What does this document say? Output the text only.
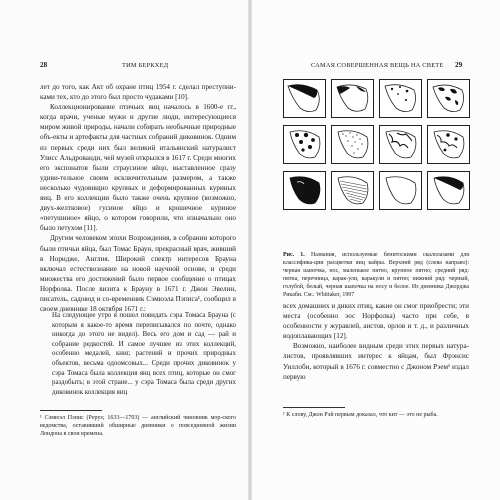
28	ТИМ БЕРКХЕД

лет до того, как Акт об охране птиц 1954 г. сделал преступни-ками тех, кто до этого был просто чудаками [10].

Коллекционирование птичьих яиц началось в 1600-е гг., когда врачи, ученые мужи и другие люди, интересующиеся миром живой природы, начали собирать необычные природные объ-екты и артефакты для частных собраний диковинок. Одним из первых среди них был великий итальянский натуралист Улисс Альдрованди, чей музей открылся в 1617 г. Среди многих его экспонатов были страусиное яйцо, выставленное сразу удиви-тельное своим исключительным размером, а также несколько чудовищно крупных и деформированных куриных яиц. В его коллекции было также очень крупное (возможно, двух-желтковое) гусиное яйцо и крошечное куриное «петушиное» яйцо, о котором говорили, что изначально оно было петухом [11].

Другим человеком эпохи Возрождения, в собрании которого были птичьи яйца, был Томас Браун, прекрасный врач, живший в Норидже, Англия. Широкий спектр интересов Брауна включал естествознание на новой научной основе, и среди множества его достижений было первое сообщение о птицах Норфолка. После визита к Брауну в 1671 г. Джон Эвелин, писатель, садовод и со-временник Сэмюэла Пэписа¹, сообщил в своем дневнике 18 октября 1671 г.:

На следующее утро я пошел повидать сэра Томаса Брауна (с которым я какое-то время переписывался по почте, однако никогда до этого не видел). Весь его дом и сад — рай и собрание редкостей. И самое лучшее из этих коллекций, особенно медалей, книг, растений и прочих природных объектов, весьма одоомсовых... Среди прочих диковинок у сэра Томаса была коллекция яиц всех птиц, которые он смог раздобыть; в этой стране... у сэра Томаса была среди других диковинок коллекция яиц
¹ Сэмюэл Пэпис (Pepys; 1633—1703) — английский чиновник мор-ского ведомства, оставивший обширные дневники о повседневной жизни Лондона в свои времена.
САМАЯ СОВЕРШЕННАЯ ВЕЩЬ НА СВЕТЕ 29
Рис. 1. Названия, используемые бенитоскими скалолазами для классифика-ции расцветки яиц кайры. Верхний ряд (слева направо): черная шапочка, нос, маленькое пятно, крупное пятно; средний ряд: пятна, перечница, карак-ули, каракули и пятно; нижний ряд: черный, голубой, белый, черная шапочка на носу и белое. Из дневника Джорджа Рикаби. См.: Whittaker, 1997

всех домашних и диких птиц, какие он смог приобрести; эти места (особенно эос Норфолка) часто при себе, в особенности у журавлей, аистов, орлов и т. д., и различных водоплавающих [12].

Возможно, наиболее видным среди этих первых натура-листов, проявлявших интерес к яйцам, был Фрэнсис Уиллоби, который в 1676 г. совместно с Джоном Рэем¹ издал первую

¹ К слову, Джон Рэй первым доказал, что кит — это не рыба.
